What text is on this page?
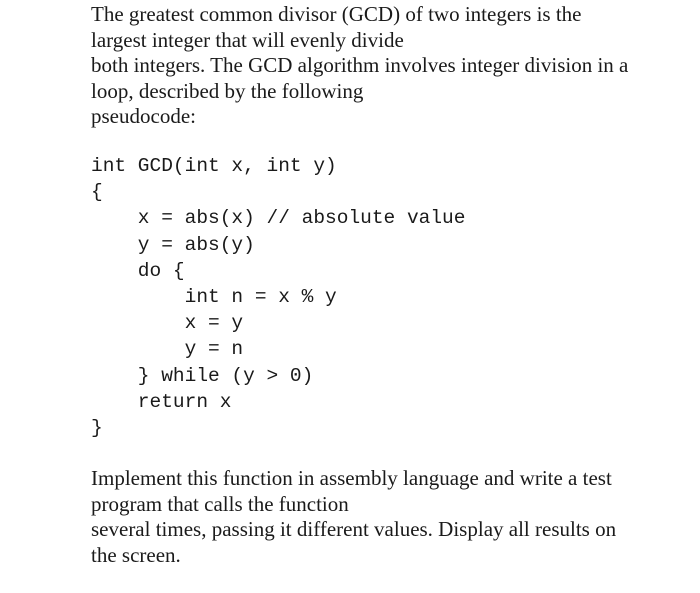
The greatest common divisor (GCD) of two integers is the
largest integer that will evenly divide
both integers. The GCD algorithm involves integer division in a
loop, described by the following
pseudocode:
int GCD(int x, int y)
{
x = abs(x) // absolute value
y = abs(y)
do {
int n = x % y
x = y
y = n
} while (y > 0)
return x
}
Implement this function in assembly language and write a test
program that calls the function
several times, passing it different values. Display all results on
the screen.
